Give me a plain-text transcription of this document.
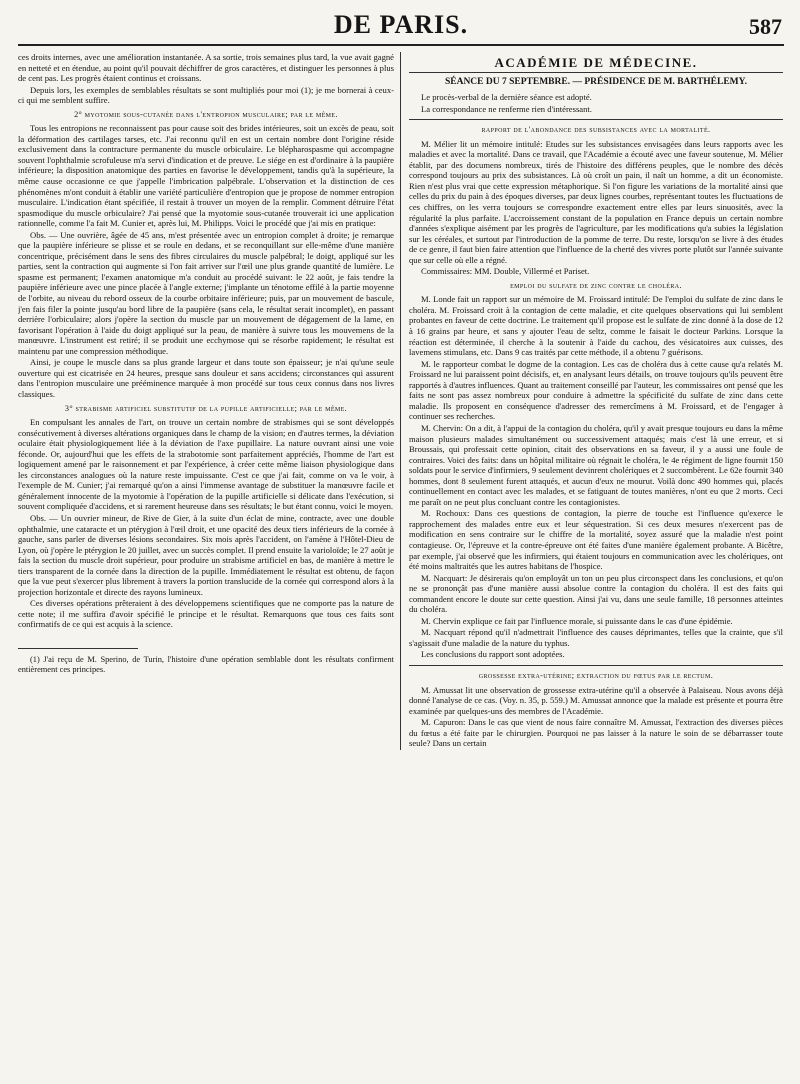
DE PARIS.	587

ces droits internes, avec une amélioration instantanée. A sa sortie, trois semaines plus tard, la vue avait gagné en netteté et en étendue, au point qu'il pouvait déchiffrer de gros caractères, et distinguer les personnes à plus de cent pas. Les progrès étaient continus et croissans.

Depuis lors, les exemples de semblables résultats se sont multipliés pour moi (1); je me bornerai à ceux-ci qui me semblent suffire.

2° myotomie sous-cutanée dans l'entropion musculaire; par le même.

Tous les entropions ne reconnaissent pas pour cause soit des brides intérieures, soit un excès de peau, soit la déformation des cartilages tarses, etc. J'ai reconnu qu'il en est un certain nombre dont l'origine réside exclusivement dans la contracture permanente du muscle orbiculaire. Le blépharospasme qui accompagne souvent l'ophthalmie scrofuleuse m'a servi d'indication et de preuve. Le siége en est d'ordinaire à la paupière inférieure; la disposition anatomique des parties en favorise le développement, tandis qu'à la supérieure, la même cause occasionne ce que j'appelle l'imbrication palpébrale. L'observation et la distinction de ces phénomènes m'ont conduit à établir une variété particulière d'entropion que je propose de nommer entropion musculaire. L'indication étant spécifiée, il restait à trouver un moyen de la remplir. Comment détruire l'état spasmodique du muscle orbiculaire? J'ai pensé que la myotomie sous-cutanée trouverait ici une application rationnelle, comme l'a fait M. Cunier et, après lui, M. Philipps. Voici le procédé que j'ai mis en pratique:

Obs. — Une ouvrière, âgée de 45 ans, m'est présentée avec un entropion complet à droite; je remarque que la paupière inférieure se plisse et se roule en dedans, et se reconquillant sur elle-même d'une manière concentrique, précisément dans le sens des fibres circulaires du muscle palpébral; le doigt, appliqué sur les parties, sent la contraction qui augmente si l'on fait arriver sur l'œil une plus grande quantité de lumière. Le spasme est permanent; l'examen anatomique m'a conduit au procédé suivant: le 22 août, je fais tendre la paupière inférieure avec une pince placée à l'angle externe; j'implante un ténotome effilé à la partie moyenne de l'orbite, au niveau du rebord osseux de la courbe orbitaire inférieure; puis, par un mouvement de bascule, j'en fais filer la pointe jusqu'au bord libre de la paupière (sans cela, le résultat serait incomplet), en passant derrière l'orbiculaire; alors j'opère la section du muscle par un mouvement de dégagement de la lame, en favorisant l'opération à l'aide du doigt appliqué sur la peau, de manière à suivre tous les mouvemens de la manœuvre. L'instrument est retiré; il se produit une ecchymose qui se résorbe rapidement; le résultat est maintenu par une compression méthodique.

Ainsi, je coupe le muscle dans sa plus grande largeur et dans toute son épaisseur; je n'ai qu'une seule ouverture qui est cicatrisée en 24 heures, presque sans douleur et sans accidens; circonstances qui assurent dans l'entropion musculaire une prééminence marquée à mon procédé sur tous ceux connus dans nos livres classiques.

3° strabisme artificiel substitutif de la pupille artificielle; par le même.

En compulsant les annales de l'art, on trouve un certain nombre de strabismes qui se sont développés consécutivement à diverses altérations organiques dans le champ de la vision; en d'autres termes, la déviation oculaire était physiologiquement liée à la déviation de l'axe pupillaire. La nature ouvrant ainsi une voie féconde. Or, aujourd'hui que les effets de la strabotomie sont parfaitement appréciés, l'homme de l'art est logiquement amené par le raisonnement et par l'expérience, à créer cette même liaison physiologique dans les circonstances analogues où la nature reste impuissante. C'est ce que j'ai fait, comme on va le voir, à l'exemple de M. Cunier; j'ai remarqué qu'on a ainsi l'immense avantage de substituer la manœuvre facile et généralement innocente de la myotomie à l'opération de la pupille artificielle si délicate dans l'exécution, si souvent compliquée d'accidens, et si rarement heureuse dans ses résultats; le but étant connu, voici le moyen.

Obs. — Un ouvrier mineur, de Rive de Gier, à la suite d'un éclat de mine, contracte, avec une double ophthalmie, une cataracte et un ptérygion à l'œil droit, et une opacité des deux tiers inférieurs de la cornée à gauche, sans parler de diverses lésions secondaires. Six mois après l'accident, on l'amène à l'Hôtel-Dieu de Lyon, où j'opère le ptérygion le 20 juillet, avec un succès complet. Il prend ensuite la varioloïde; le 27 août je fais la section du muscle droit supérieur, pour produire un strabisme artificiel en bas, de manière à mettre le tiers transparent de la cornée dans la direction de la pupille. Immédiatement le résultat est obtenu, de façon que la vue peut s'exercer plus librement à travers la portion translucide de la cornée qui correspond alors à la projection horizontale et directe des rayons lumineux.

Ces diverses opérations prêteraient à des développemens scientifiques que ne comporte pas la nature de cette note; il me suffira d'avoir spécifié le principe et le résultat. Remarquons que tous ces faits sont confirmatifs de ce qui est acquis à la science.

(1) J'ai reçu de M. Sperino, de Turin, l'histoire d'une opération semblable dont les résultats confirment entièrement ces principes.

ACADÉMIE DE MÉDECINE.
SÉANCE DU 7 SEPTEMBRE. — PRÉSIDENCE DE M. BARTHÉLEMY.

Le procès-verbal de la dernière séance est adopté.

La correspondance ne renferme rien d'intéressant.

rapport de l'abondance des subsistances avec la mortalité.

M. Mélier lit un mémoire intitulé: Etudes sur les subsistances envisagées dans leurs rapports avec les maladies et avec la mortalité. Dans ce travail, que l'Académie a écouté avec une faveur soutenue, M. Mélier établit, par des documens nombreux, tirés de l'histoire des différens peuples, que le nombre des décès correspond toujours au prix des subsistances. Là où croît un pain, il naît un homme, a dit un économiste. Rien n'est plus vrai que cette expression métaphorique. Si l'on figure les variations de la mortalité ainsi que celles du prix du pain à des époques diverses, par deux lignes courbes, représentant toutes les fluctuations de ces chiffres, on les verra toujours se correspondre exactement entre elles par leurs sinuosités, avec la régularité la plus parfaite. L'accroissement constant de la population en France depuis un certain nombre d'années s'explique aisément par les progrès de l'agriculture, par les modifications qu'a subies la législation sur les céréales, et surtout par l'introduction de la pomme de terre. Du reste, lorsqu'on se livre à des études de ce genre, il faut bien faire attention que l'influence de la cherté des vivres porte plutôt sur l'année suivante que sur celle où elle a régné.

Commissaires: MM. Double, Villermé et Pariset.

emploi du sulfate de zinc contre le choléra.

M. Londe fait un rapport sur un mémoire de M. Froissard intitulé: De l'emploi du sulfate de zinc dans le choléra. M. Froissard croit à la contagion de cette maladie, et cite quelques observations qui lui semblent probantes en faveur de cette doctrine. Le traitement qu'il propose est le sulfate de zinc donné à la dose de 12 à 16 grains par heure, et sans y ajouter l'eau de seltz, comme le faisait le docteur Parkins. Lorsque la réaction est déterminée, il cherche à la soutenir à l'aide du cachou, des vésicatoires aux cuisses, des lavemens stimulans, etc. Dans 9 cas traités par cette méthode, il a obtenu 7 guérisons.

M. le rapporteur combat le dogme de la contagion. Les cas de choléra dus à cette cause qu'a relatés M. Froissard ne lui paraissent point décisifs, et, en analysant leurs détails, on trouve toujours qu'ils peuvent être rapportés à d'autres influences. Quant au traitement conseillé par l'auteur, les commissaires ont pensé que les faits ne sont pas assez nombreux pour conduire à admettre la spécificité du sulfate de zinc dans cette maladie. Ils proposent en conséquence d'adresser des remercîmens à M. Froissard, et de l'engager à continuer ses recherches.

M. Chervin: On a dit, à l'appui de la contagion du choléra, qu'il y avait presque toujours eu dans la même maison plusieurs malades simultanément ou successivement attaqués; mais c'est là une erreur, et si Broussais, qui professait cette opinion, citait des observations en sa faveur, il y a aussi une foule de contraires. Voici des faits: dans un hôpital militaire où régnait le choléra, le 4e régiment de ligne fournit 150 soldats pour le service d'infirmiers, 9 seulement devinrent cholériques et 2 succombèrent. Le 62e fournit 340 hommes, dont 8 seulement furent attaqués, et aucun d'eux ne mourut. Voilà donc 490 hommes qui, placés continuellement en contact avec les malades, et se fatiguant de toutes manières, n'ont eu que 2 morts. Ceci me paraît on ne peut plus concluant contre les contagionistes.

M. Rochoux: Dans ces questions de contagion, la pierre de touche est l'influence qu'exerce le rapprochement des malades entre eux et leur séquestration. Si ces deux mesures n'exercent pas de modification en sens contraire sur le chiffre de la mortalité, soyez assuré que la maladie n'est point contagieuse. Or, l'épreuve et la contre-épreuve ont été faites d'une manière également probante. A Bicêtre, par exemple, j'ai observé que les infirmiers, qui étaient toujours en communication avec les cholériques, ont été moins maltraités que les autres habitans de l'hospice.

M. Nacquart: Je désirerais qu'on employât un ton un peu plus circonspect dans les conclusions, et qu'on ne se prononçât pas d'une manière aussi absolue contre la contagion du choléra. Il est des faits qui commandent encore le doute sur cette question. Ainsi j'ai vu, dans une seule famille, 18 personnes atteintes du choléra.

M. Chervin explique ce fait par l'influence morale, si puissante dans le cas d'une épidémie.

M. Nacquart répond qu'il n'admettrait l'influence des causes déprimantes, telles que la crainte, que s'il s'agissait d'une maladie de la nature du typhus.

Les conclusions du rapport sont adoptées.

grossesse extra-utérine; extraction du fœtus par le rectum.

M. Amussat lit une observation de grossesse extra-utérine qu'il a observée à Palaiseau. Nous avons déjà donné l'analyse de ce cas. (Voy. n. 35, p. 559.) M. Amussat annonce que la malade est présente et pourra être examinée par quelques-uns des membres de l'Académie.

M. Capuron: Dans le cas que vient de nous faire connaître M. Amussat, l'extraction des diverses pièces du fœtus a été faite par le chirurgien. Pourquoi ne pas laisser à la nature le soin de se débarrasser toute seule? Dans un certain
